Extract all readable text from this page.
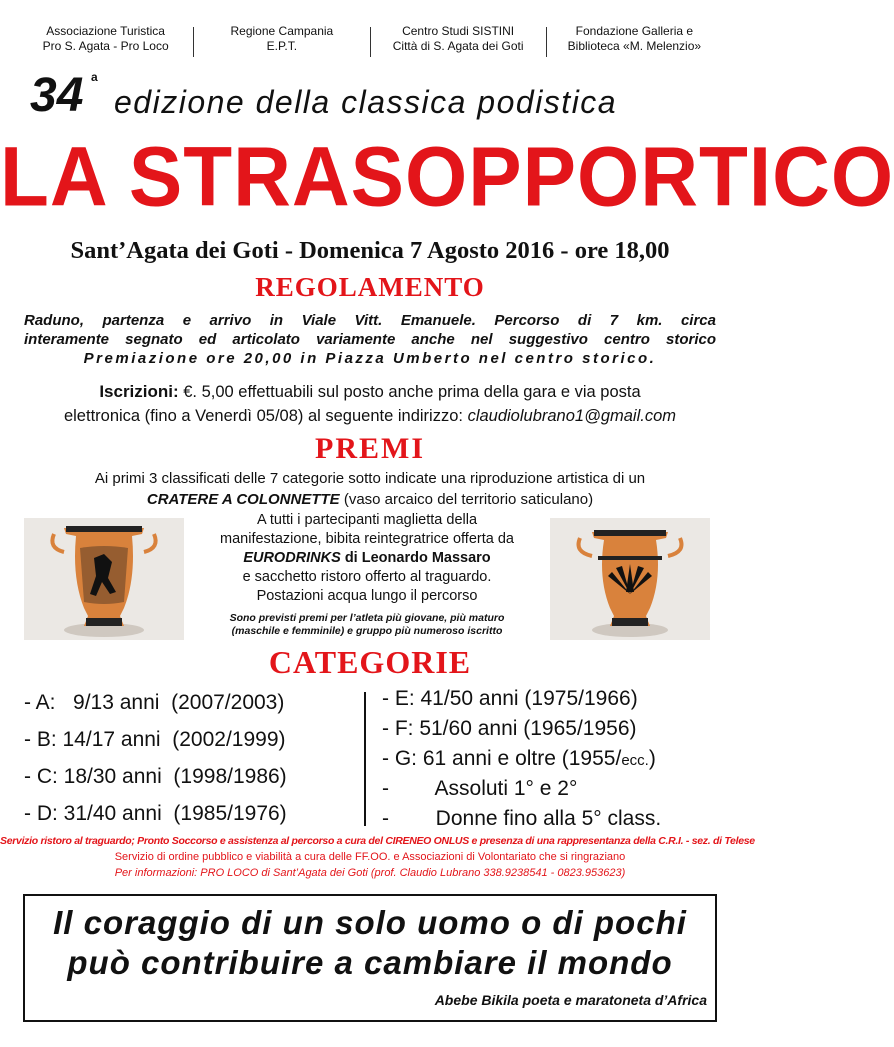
Associazione Turistica
Pro S. Agata - Pro Loco
Regione Campania
E.P.T.
Centro Studi SISTINI
Città di S. Agata dei Goti
Fondazione Galleria e
Biblioteca «M. Melenzio»
34 a
edizione della classica podistica
LA STRASOPPORTICO
Sant’Agata dei Goti - Domenica 7 Agosto 2016 - ore 18,00
REGOLAMENTO
Raduno, partenza e arrivo in Viale Vitt. Emanuele. Percorso di 7 km. circa
interamente segnato ed articolato variamente anche nel suggestivo centro storico
Premiazione ore 20,00 in Piazza Umberto nel centro storico.
Iscrizioni: €. 5,00 effettuabili sul posto anche prima della gara e via posta
elettronica (fino a Venerdì 05/08) al seguente indirizzo: claudiolubrano1@gmail.com
PREMI
Ai primi 3 classificati delle 7 categorie sotto indicate una riproduzione artistica di un
CRATERE A COLONNETTE (vaso arcaico del territorio saticulano)
A tutti i partecipanti maglietta della
manifestazione, bibita reintegratrice offerta da
EURODRINKS di Leonardo Massaro
e sacchetto ristoro offerto al traguardo.
Postazioni acqua lungo il percorso
Sono previsti premi per l’atleta più giovane, più maturo
(maschile e femminile) e gruppo più numeroso iscritto
CATEGORIE
- A:   9/13 anni  (2007/2003)
- B: 14/17 anni  (2002/1999)
- C: 18/30 anni  (1998/1986)
- D: 31/40 anni  (1985/1976)
- E: 41/50 anni (1975/1966)
- F: 51/60 anni (1965/1956)
- G: 61 anni e oltre (1955/ecc.)
-        Assoluti 1° e 2°
-        Donne fino alla 5° class.
Servizio ristoro al traguardo; Pronto Soccorso e assistenza al percorso a cura del CIRENEO ONLUS e presenza di una rappresentanza della C.R.I. - sez. di Telese
Servizio di ordine pubblico e viabilità a cura delle FF.OO. e Associazioni di Volontariato che si ringraziano
Per informazioni: PRO LOCO di Sant’Agata dei Goti (prof. Claudio Lubrano 338.9238541 - 0823.953623)
Il coraggio di un solo uomo o di pochi
può contribuire a cambiare il mondo
Abebe Bikila poeta e maratoneta d’Africa
